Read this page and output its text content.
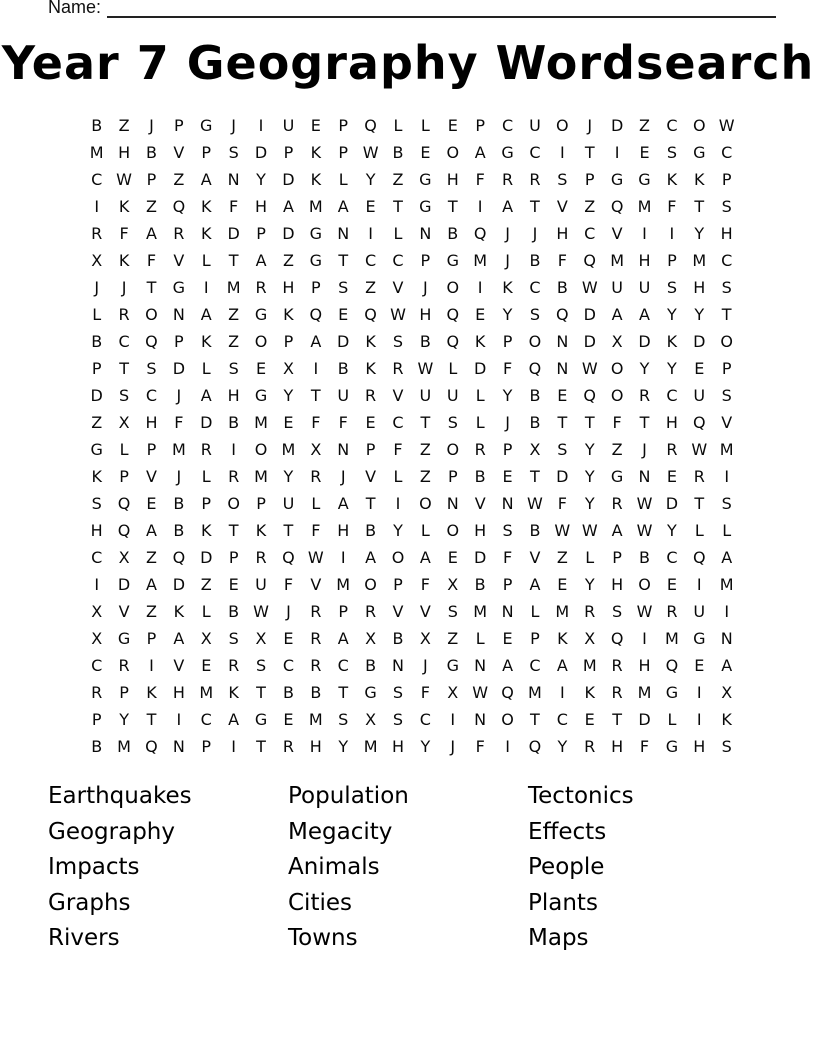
Name:
Year 7 Geography Wordsearch
B	Z	J	P	G	J	I	U	E	P	Q	L	L	E	P	C U O	J	D Z	C O W
M H B	V	P	S	D	P	K	P W B	E	O A G C	I	T	I	E	S	G C
C W P	Z	A N	Y	D K	L	Y	Z G H	F	R	R	S	P	G G K	K	P
I	K	Z Q K	F	H A M A	E	T	G	T	I	A	T	V	Z Q M F	T	S
R	F	A	R	K D	P	D G N	I	L	N B Q	J	J	H C	V	I	I	Y	H
X	K	F	V	L	T	A	Z G	T	C	C	P	G M	J	B	F	Q M H	P M C
J	J	T	G	I	M R H	P	S	Z	V	J	O	I	K	C	B W U U	S	H	S
L	R O N A	Z G K Q	E	Q W H Q	E	Y	S	Q D A	A	Y	Y	T
B	C Q	P	K	Z O	P	A D K	S	B Q K	P	O N D X D K D O
P	T	S	D	L	S	E	X	I	B	K	R W L	D	F	Q N W O	Y	Y	E	P
D	S	C	J	A H G	Y	T	U R	V	U U	L	Y	B	E	Q O R	C U	S
Z	X H	F	D B M E	F	F	E	C	T	S	L	J	B	T	T	F	T	H Q V
G	L	P M R	I	O M X N	P	F	Z O R	P	X	S	Y	Z	J	R W M
K	P	V	J	L	R M Y	R	J	V	L	Z	P	B	E	T	D	Y	G N	E	R	I
S	Q	E	B	P	O	P	U	L	A	T	I	O N V N W F	Y	R W D	T	S
H Q A	B	K	T	K	T	F	H B	Y	L	O H	S	B W W A W Y	L	L
C	X	Z Q D	P	R Q W	I	A O A	E	D	F	V	Z	L	P	B	C Q A
I	D A D Z	E	U	F	V M O	P	F	X	B	P	A	E	Y	H O	E	I	M
X	V	Z	K	L	B W	J	R	P	R	V	V	S M N	L	M R	S W R U	I
X G	P	A	X	S	X	E	R	A	X	B	X	Z	L	E	P	K	X Q	I	M G N
C	R	I	V	E	R	S	C	R	C	B N	J	G N A	C	A M R H Q	E	A
R	P	K	H M K	T	B	B	T	G	S	F	X W Q M	I	K	R M G	I	X
P	Y	T	I	C	A G	E M S	X	S	C	I	N O	T	C	E	T	D	L	I	K
B M Q N	P	I	T	R H	Y M H	Y	J	F	I	Q	Y	R H	F	G H	S
Earthquakes
Geography
Impacts
Graphs
Rivers
Population
Megacity
Animals
Cities
Towns
Tectonics
Effects
People
Plants
Maps
